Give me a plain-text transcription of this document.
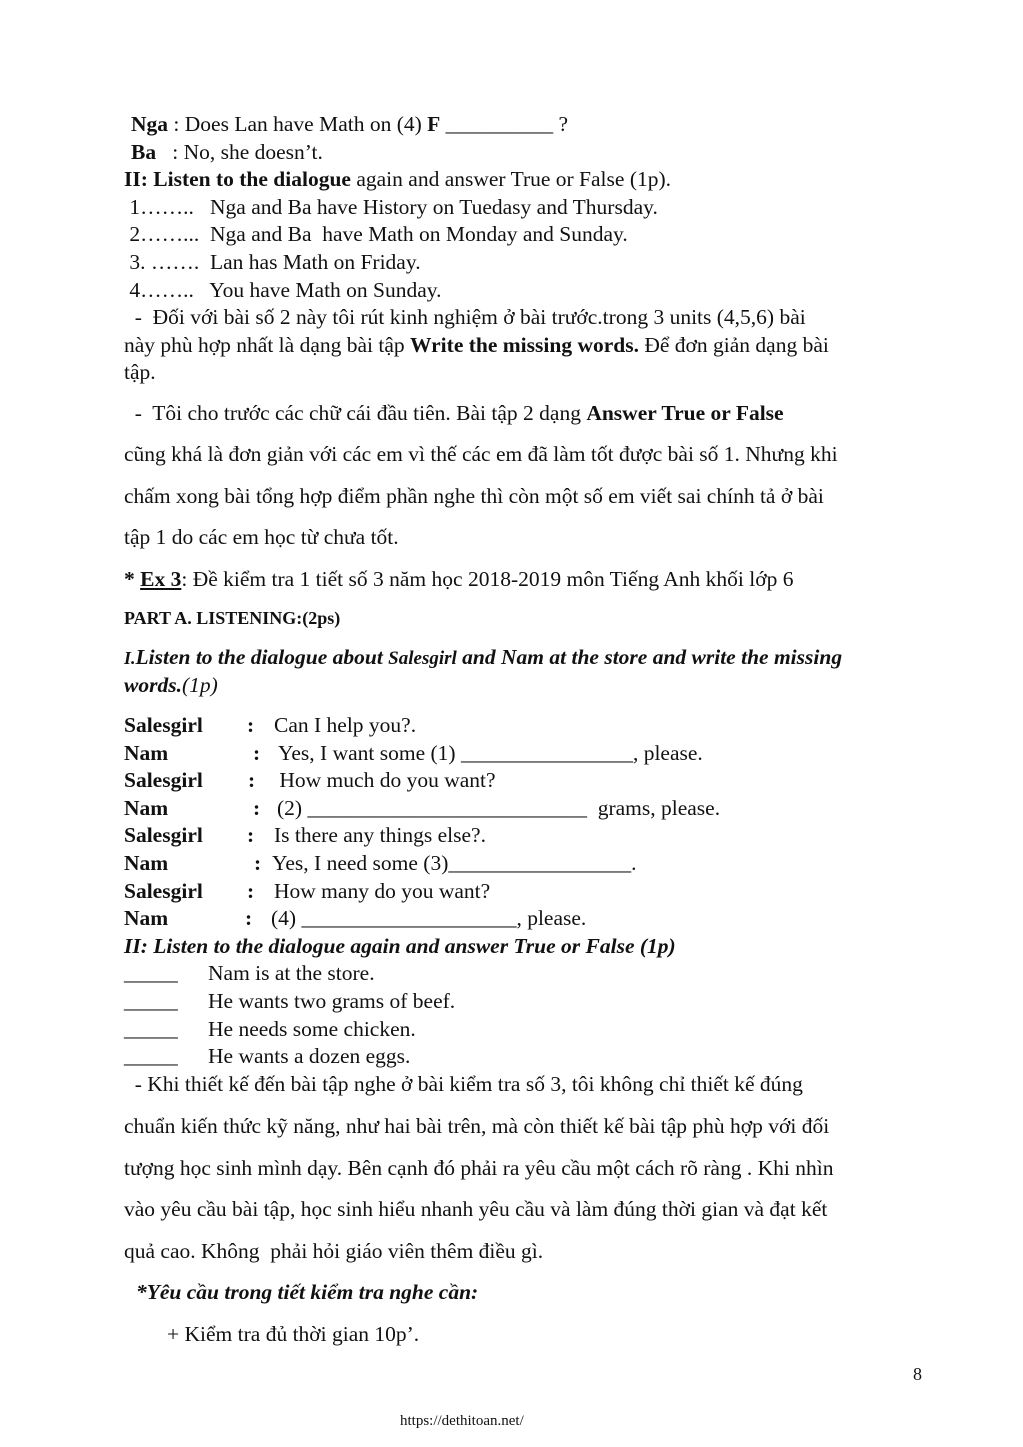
Nga : Does Lan have Math on (4) F __________ ?
Ba   : No, she doesn’t.
II: Listen to the dialogue again and answer True or False (1p).
1……..   Nga and Ba have History on Tuedasy and Thursday.
2……...  Nga and Ba  have Math on Monday and Sunday.
3. …….  Lan has Math on Friday.
4……..   You have Math on Sunday.
-  Đối với bài số 2 này tôi rút kinh nghiệm ở bài trước.trong 3 units (4,5,6) bài
này phù hợp nhất là dạng bài tập Write the missing words. Để đơn giản dạng bài
tập.
-  Tôi cho trước các chữ cái đầu tiên. Bài tập 2 dạng Answer True or False
cũng khá là đơn giản với các em vì thế các em đã làm tốt được bài số 1. Nhưng khi
chấm xong bài tổng hợp điểm phần nghe thì còn một số em viết sai chính tả ở bài
tập 1 do các em học từ chưa tốt.
* Ex 3: Đề kiểm tra 1 tiết số 3 năm học 2018-2019 môn Tiếng Anh khối lớp 6
PART A. LISTENING:(2ps)
I.Listen to the dialogue about Salesgirl and Nam at the store and write the missing
words.(1p)
Salesgirl : Can I help you?.
Nam	: Yes, I want some (1) ________________, please.
Salesgirl : How much do you want?
Nam	: (2) __________________________  grams, please.
Salesgirl : Is there any things else?.
Nam	: Yes, I need some (3)_________________.
Salesgirl : How many do you want?
Nam	: (4) ____________________, please.
II: Listen to the dialogue again and answer True or False (1p)
_____ Nam is at the store.
_____ He wants two grams of beef.
_____ He needs some chicken.
_____ He wants a dozen eggs.
- Khi thiết kế đến bài tập nghe ở bài kiểm tra số 3, tôi không chỉ thiết kế đúng
chuẩn kiến thức kỹ năng, như hai bài trên, mà còn thiết kế bài tập phù hợp với đối
tượng học sinh mình dạy. Bên cạnh đó phải ra yêu cầu một cách rõ ràng . Khi nhìn
vào yêu cầu bài tập, học sinh hiểu nhanh yêu cầu và làm đúng thời gian và đạt kết
quả cao. Không  phải hỏi giáo viên thêm điều gì.
*Yêu cầu trong tiết kiểm tra nghe cần:
+ Kiểm tra đủ thời gian 10p’.
8
https://dethitoan.net/
